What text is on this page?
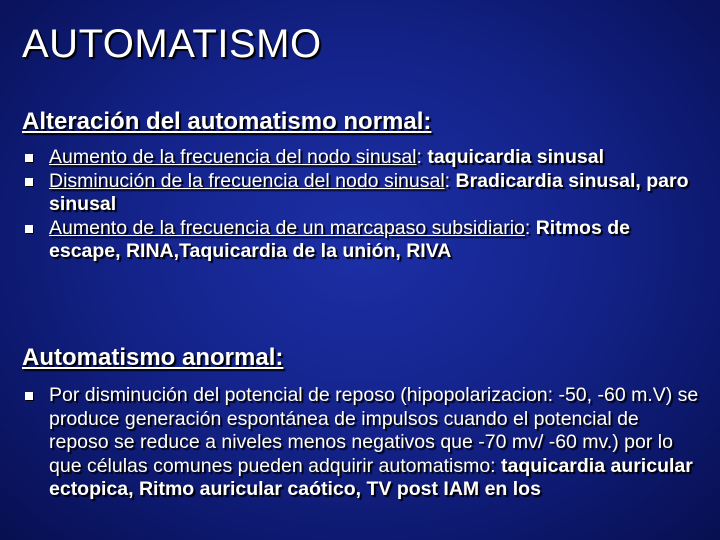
AUTOMATISMO
Alteración del automatismo normal:
Aumento de la frecuencia del nodo sinusal: taquicardia sinusal
Disminución de la frecuencia del nodo sinusal: Bradicardia sinusal, paro sinusal
Aumento de la frecuencia de un marcapaso subsidiario: Ritmos de escape, RINA,Taquicardia de la unión, RIVA
Automatismo anormal:
Por disminución del potencial de reposo (hipopolarizacion: -50, -60 m.V) se produce generación espontánea de impulsos cuando el potencial de reposo se reduce a niveles menos negativos que -70 mv/ -60 mv.) por lo que células comunes pueden adquirir automatismo: taquicardia auricular ectopica, Ritmo auricular caótico, TV post IAM en los
